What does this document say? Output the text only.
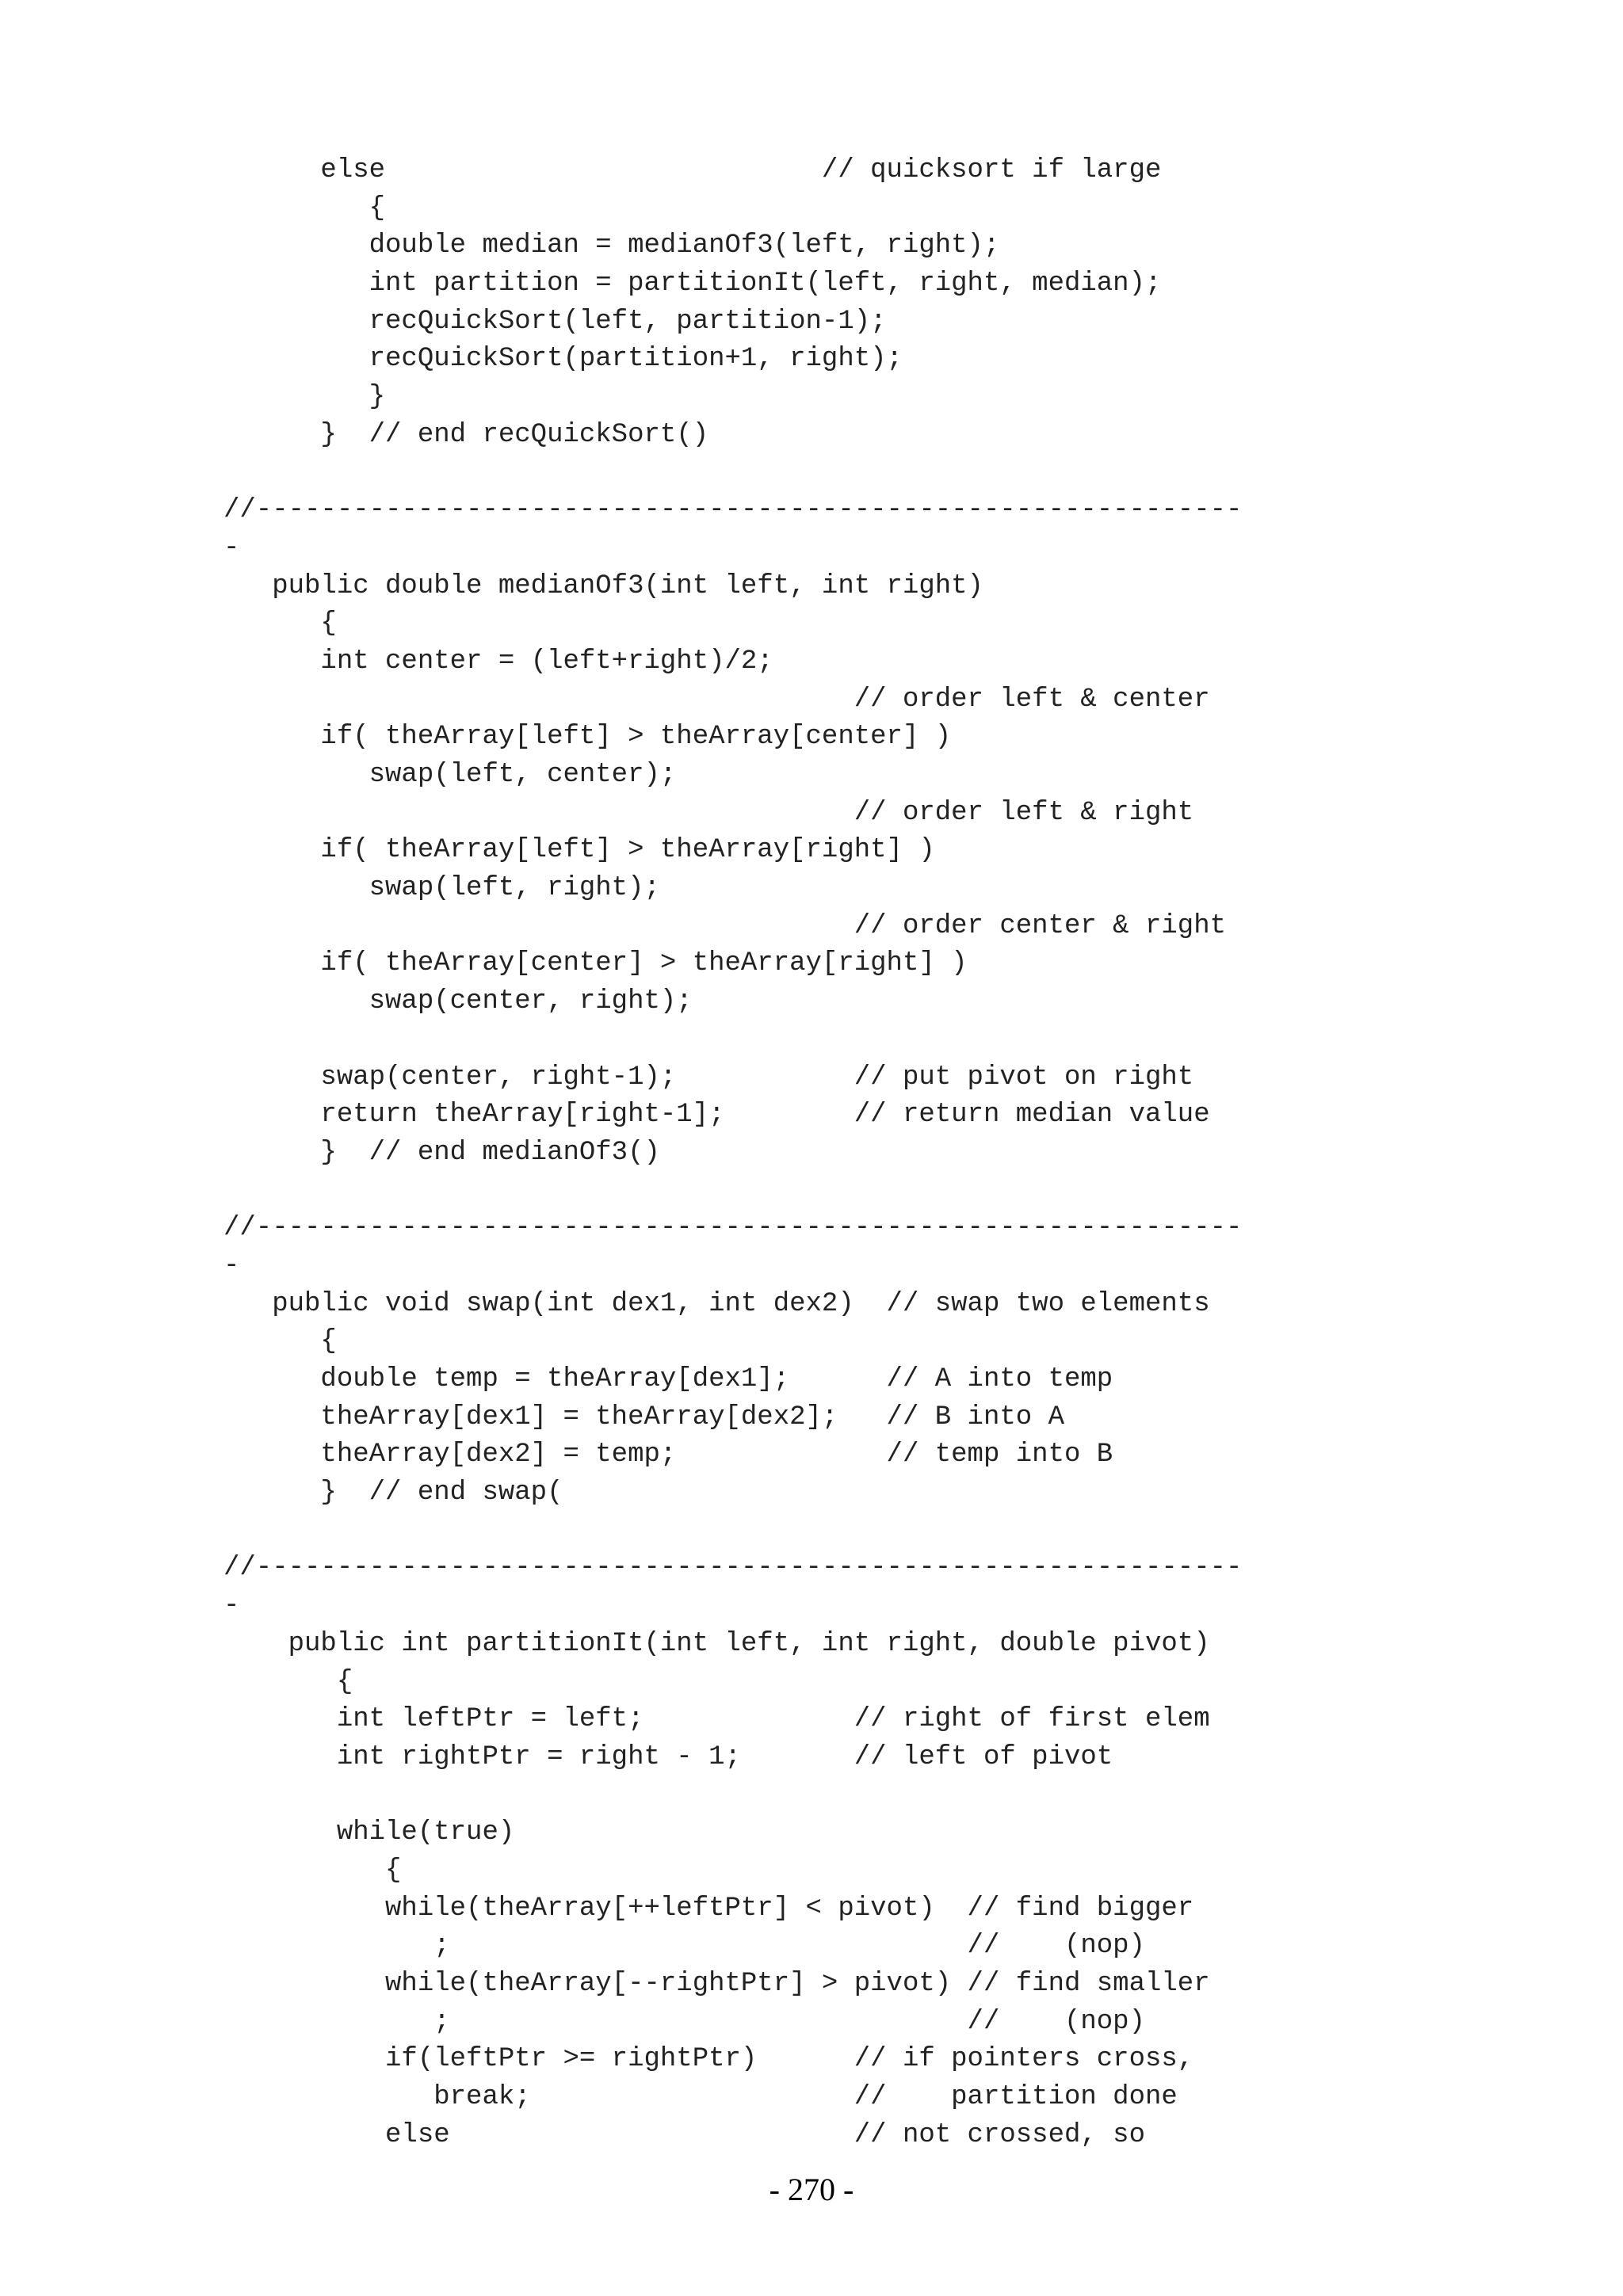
else                           // quicksort if large
{
double median = medianOf3(left, right);
int partition = partitionIt(left, right, median);
recQuickSort(left, partition-1);
recQuickSort(partition+1, right);
}
}  // end recQuickSort()
//-------------------------------------------------------------
-
public double medianOf3(int left, int right)
{
int center = (left+right)/2;
// order left & center
if( theArray[left] > theArray[center] )
swap(left, center);
// order left & right
if( theArray[left] > theArray[right] )
swap(left, right);
// order center & right
if( theArray[center] > theArray[right] )
swap(center, right);
swap(center, right-1);           // put pivot on right
return theArray[right-1];        // return median value
}  // end medianOf3()
//-------------------------------------------------------------
-
public void swap(int dex1, int dex2)  // swap two elements
{
double temp = theArray[dex1];      // A into temp
theArray[dex1] = theArray[dex2];   // B into A
theArray[dex2] = temp;             // temp into B
}  // end swap(
//-------------------------------------------------------------
-
public int partitionIt(int left, int right, double pivot)
{
int leftPtr = left;             // right of first elem
int rightPtr = right - 1;       // left of pivot
while(true)
{
while(theArray[++leftPtr] < pivot)  // find bigger
;                                //    (nop)
while(theArray[--rightPtr] > pivot) // find smaller
;                                //    (nop)
if(leftPtr >= rightPtr)      // if pointers cross,
break;                    //    partition done
else                         // not crossed, so
- 270 -
